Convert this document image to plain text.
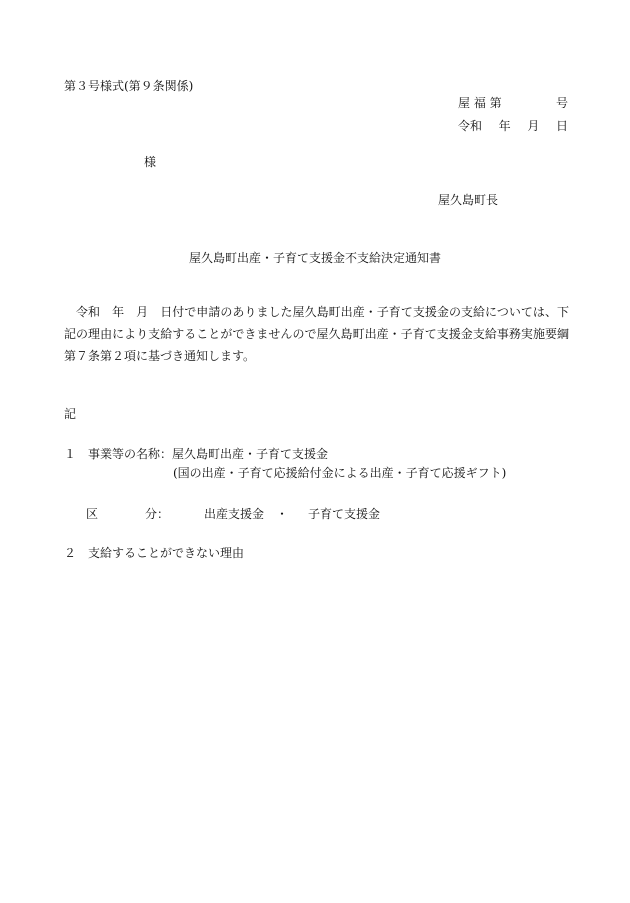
第３号様式(第９条関係)
屋 福 第	号
令和 年 月 日
様
屋久島町長
屋久島町出産・子育て支援金不支給決定通知書
令和　年　月　日付で申請のありました屋久島町出産・子育て支援金の支給については、下記の理由により支給することができませんので屋久島町出産・子育て支援金支給事務実施要綱第７条第２項に基づき通知します。
記
１　事業等の名称：屋久島町出産・子育て支援金
(国の出産・子育て応援給付金による出産・子育て応援ギフト)
区	分：	出産支援金 ・ 子育て支援金
２　支給することができない理由
